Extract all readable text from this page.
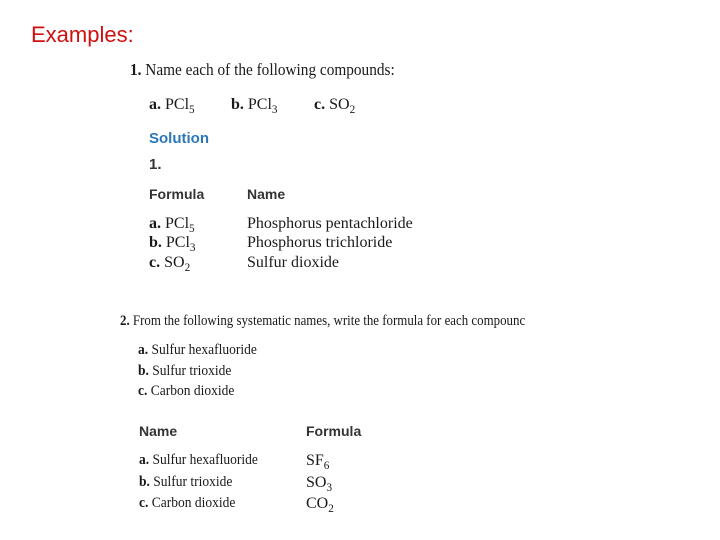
Examples:
1. Name each of the following compounds:
a. PCl$_5$ b. PCl$_3$ c. $SO_2$
Solution
1.
Formula	Name
a. PCl$_5$	Phosphorus pentachloride
b. PCl$_3$	Phosphorus trichloride
c. $SO_2$	Sulfur dioxide
2. From the following systematic names, write the formula for each compounc
a. Sulfur hexafluoride
b. Sulfur trioxide
c. Carbon dioxide
Name	Formula
a. Sulfur hexafluoride	$SF_6$
b. Sulfur trioxide	$SO_3$
c. Carbon dioxide	$CO_2$
